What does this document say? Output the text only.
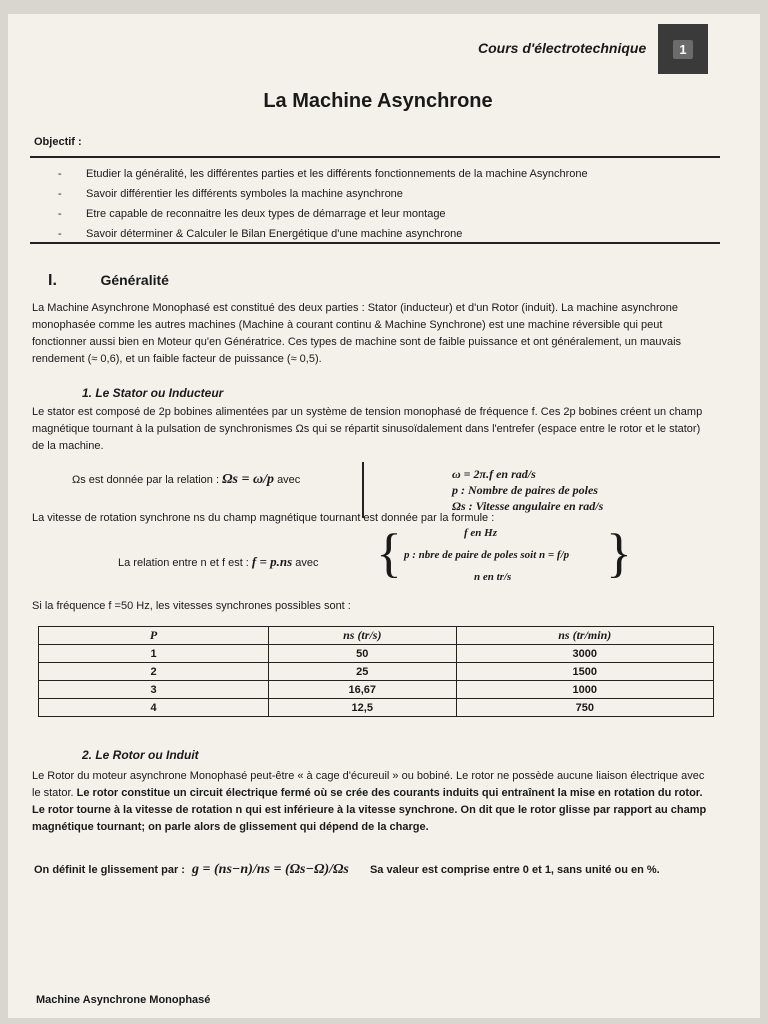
Cours d'électrotechnique	1
La Machine Asynchrone
Objectif :
- Etudier la généralité, les différentes parties et les différents fonctionnements de la machine Asynchrone
- Savoir différentier les différents symboles la machine asynchrone
- Etre capable de reconnaitre les deux types de démarrage et leur montage
- Savoir déterminer & Calculer le Bilan Energétique d'une machine asynchrone
I.	Généralité
La Machine Asynchrone Monophasé est constitué des deux parties : Stator (inducteur) et d'un Rotor (induit). La machine asynchrone monophasée comme les autres machines (Machine à courant continu & Machine Synchrone) est une machine réversible qui peut fonctionner aussi bien en Moteur qu'en Génératrice. Ces types de machine sont de faible puissance et ont généralement, un mauvais rendement (≈ 0,6), et un faible facteur de puissance (≈ 0,5).
1. Le Stator ou Inducteur
Le stator est composé de 2p bobines alimentées par un système de tension monophasé de fréquence f. Ces 2p bobines créent un champ magnétique tournant à la pulsation de synchronismes Ωs qui se répartit sinusoïdalement dans l'entrefer (espace entre le rotor et le stator) de la machine.
Ωs est donnée par la relation : Ωs = ω/p avec	ω = 2π.f en rad/s
p : Nombre de paires de poles
Ωs : Vitesse angulaire en rad/s
La vitesse de rotation synchrone ns du champ magnétique tournant est donnée par la formule :
La relation entre n et f est : f = p.ns avec {	f en Hz
p : nbre de paire de poles soit n = f/p
n en tr/s	}
Si la fréquence f =50 Hz, les vitesses synchrones possibles sont :
P	ns (tr/s)	ns (tr/min)
1	50	3000
2	25	1500
3	16,67	1000
4	12,5	750
2. Le Rotor ou Induit
Le Rotor du moteur asynchrone Monophasé peut-être « à cage d'écureuil » ou bobiné. Le rotor ne possède aucune liaison électrique avec le stator. Le rotor constitue un circuit électrique fermé où se crée des courants induits qui entraînent la mise en rotation du rotor. Le rotor tourne à la vitesse de rotation n qui est inférieure à la vitesse synchrone. On dit que le rotor glisse par rapport au champ magnétique tournant; on parle alors de glissement qui dépend de la charge.
On définit le glissement par : g = (ns−n)/ns = (Ωs−Ω)/Ωs Sa valeur est comprise entre 0 et 1, sans unité ou en %.
Machine Asynchrone Monophasé
